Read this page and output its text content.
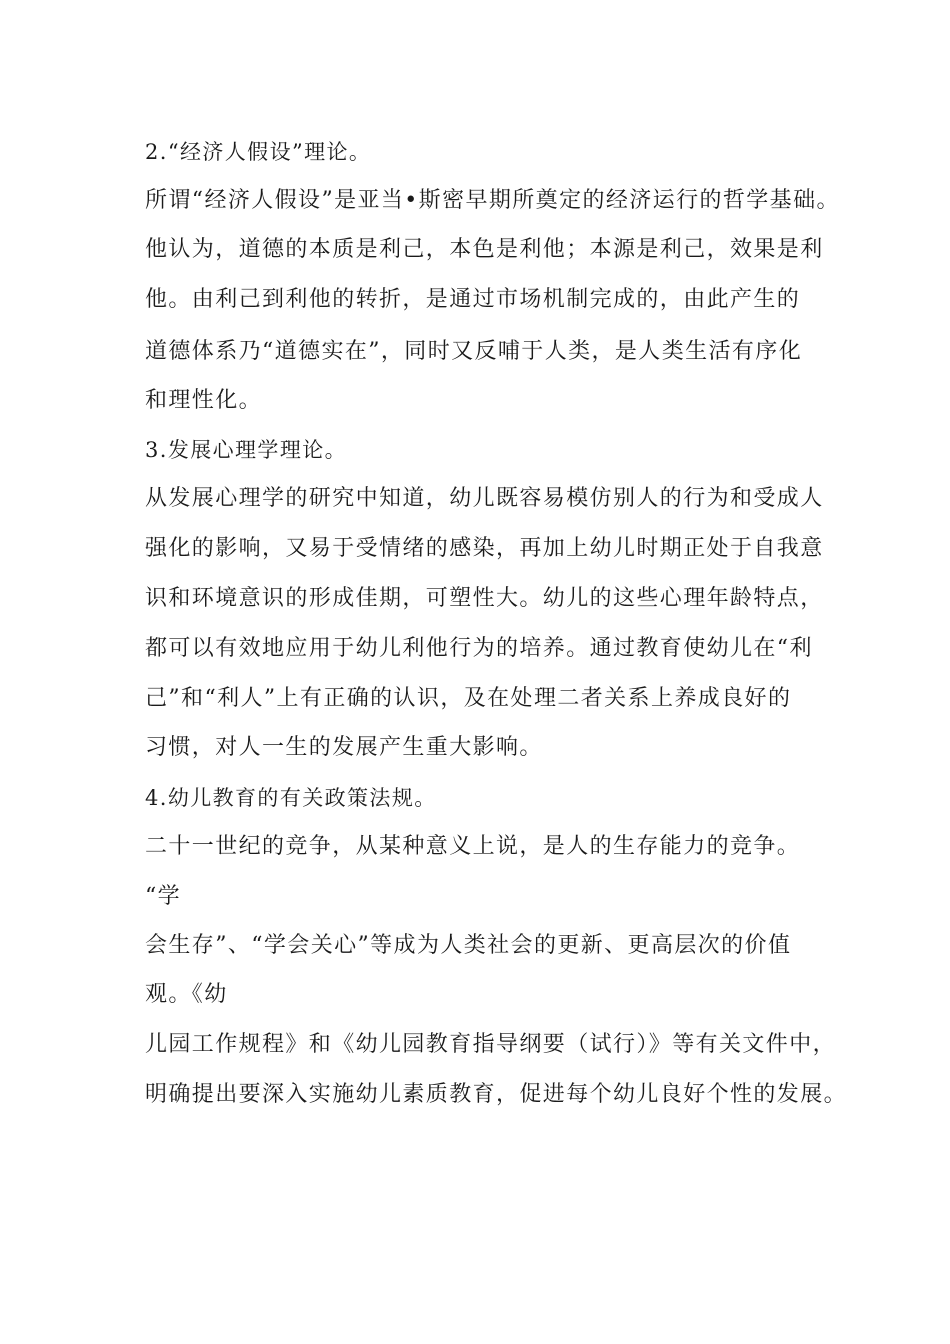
2.“经济人假设”理论。
所谓“经济人假设”是亚当•斯密早期所奠定的经济运行的哲学基础。
他认为，道德的本质是利己，本色是利他；本源是利己，效果是利
他。由利己到利他的转折，是通过市场机制完成的，由此产生的
道德体系乃“道德实在”，同时又反哺于人类，是人类生活有序化
和理性化。
3.发展心理学理论。
从发展心理学的研究中知道，幼儿既容易模仿别人的行为和受成人
强化的影响，又易于受情绪的感染，再加上幼儿时期正处于自我意
识和环境意识的形成佳期，可塑性大。幼儿的这些心理年龄特点，
都可以有效地应用于幼儿利他行为的培养。通过教育使幼儿在“利
己”和“利人”上有正确的认识，及在处理二者关系上养成良好的
习惯，对人一生的发展产生重大影响。
4.幼儿教育的有关政策法规。
二十一世纪的竞争，从某种意义上说，是人的生存能力的竞争。
“学
会生存”、“学会关心”等成为人类社会的更新、更高层次的价值
观。《幼
儿园工作规程》和《幼儿园教育指导纲要（试行）》等有关文件中，
明确提出要深入实施幼儿素质教育，促进每个幼儿良好个性的发展。
